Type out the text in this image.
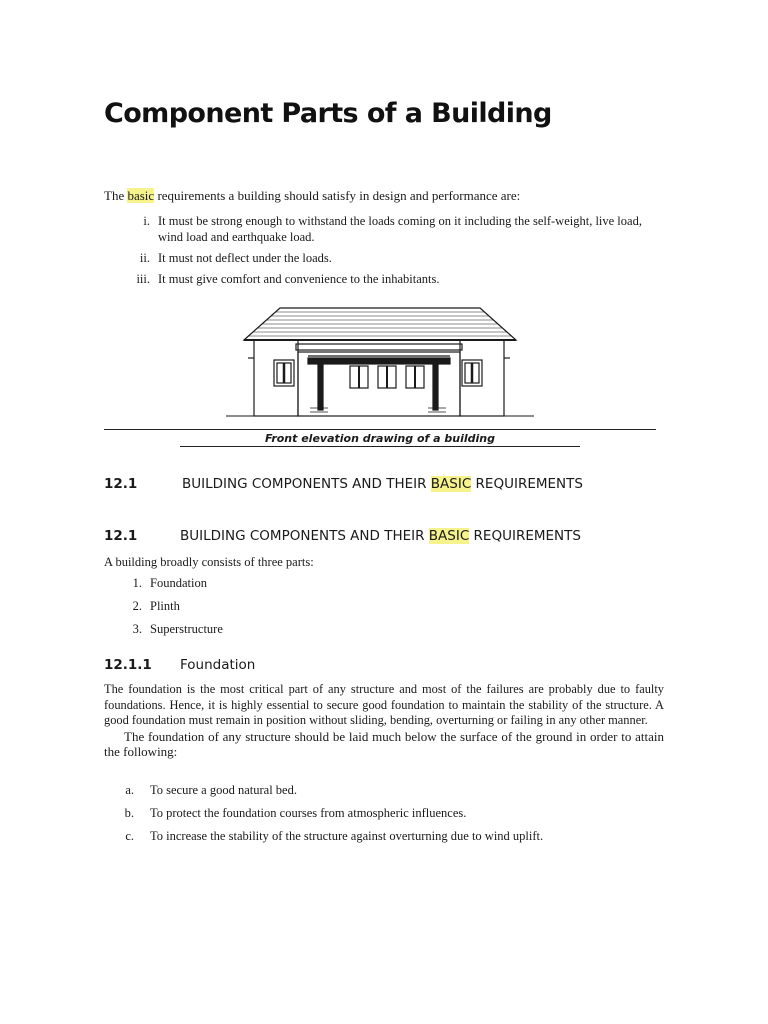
Component Parts of a Building
The basic requirements a building should satisfy in design and performance are:
i. It must be strong enough to withstand the loads coming on it including the self-weight, live load, wind load and earthquake load.
ii. It must not deflect under the loads.
iii. It must give comfort and convenience to the inhabitants.
Front elevation drawing of a building
12.1	BUILDING COMPONENTS AND THEIR BASIC REQUIREMENTS
12.1	BUILDING COMPONENTS AND THEIR BASIC REQUIREMENTS
A building broadly consists of three parts:
1. Foundation
2. Plinth
3. Superstructure
12.1.1 Foundation

The foundation is the most critical part of any structure and most of the failures are probably due to faulty foundations. Hence, it is highly essential to secure good foundation to maintain the stability of the structure. A good foundation must remain in position without sliding, bending, overturning or failing in any other manner.

The foundation of any structure should be laid much below the surface of the ground in order to attain the following:

a.	To secure a good natural bed.
b.	To protect the foundation courses from atmospheric influences.
c.	To increase the stability of the structure against overturning due to wind uplift.
